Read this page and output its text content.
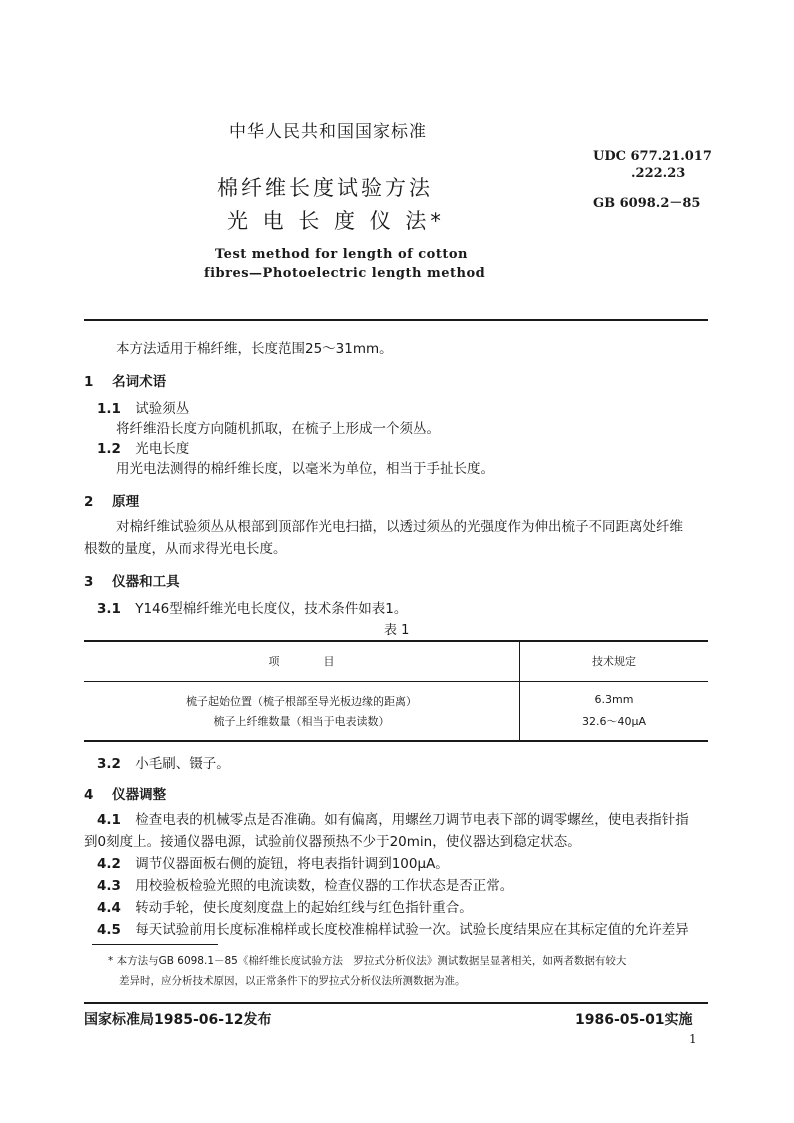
中华人民共和国国家标准
UDC 677.21.017
.222.23
GB 6098.2－85
棉纤维长度试验方法
光 电 长 度 仪 法*
Test method for length of cotton
fibres—Photoelectric length method
本方法适用于棉纤维，长度范围25～31mm。
1 名词术语
1.1 试验须丛
将纤维沿长度方向随机抓取，在梳子上形成一个须丛。
1.2 光电长度
用光电法测得的棉纤维长度，以毫米为单位，相当于手扯长度。
2 原理
对棉纤维试验须丛从根部到顶部作光电扫描，以透过须丛的光强度作为伸出梳子不同距离处纤维
根数的量度，从而求得光电长度。
3 仪器和工具
3.1 Y146型棉纤维光电长度仪，技术条件如表1。
表 1
项　　　　目	技术规定
梳子起始位置（梳子根部至导光板边缘的距离）	6.3mm
梳子上纤维数量（相当于电表读数）	32.6～40μA
3.2 小毛刷、镊子。
4 仪器调整
4.1 检查电表的机械零点是否准确。如有偏离，用螺丝刀调节电表下部的调零螺丝，使电表指针指
到0刻度上。接通仪器电源，试验前仪器预热不少于20min，使仪器达到稳定状态。
4.2 调节仪器面板右侧的旋钮，将电表指针调到100μA。
4.3 用校验板检验光照的电流读数，检查仪器的工作状态是否正常。
4.4 转动手轮，使长度刻度盘上的起始红线与红色指针重合。
4.5 每天试验前用长度标准棉样或长度校准棉样试验一次。试验长度结果应在其标定值的允许差异
* 本方法与GB 6098.1－85《棉纤维长度试验方法　罗拉式分析仪法》测试数据呈显著相关，如两者数据有较大
差异时，应分析技术原因，以正常条件下的罗拉式分析仪法所测数据为准。
国家标准局1985-06-12发布	1986-05-01实施
1
